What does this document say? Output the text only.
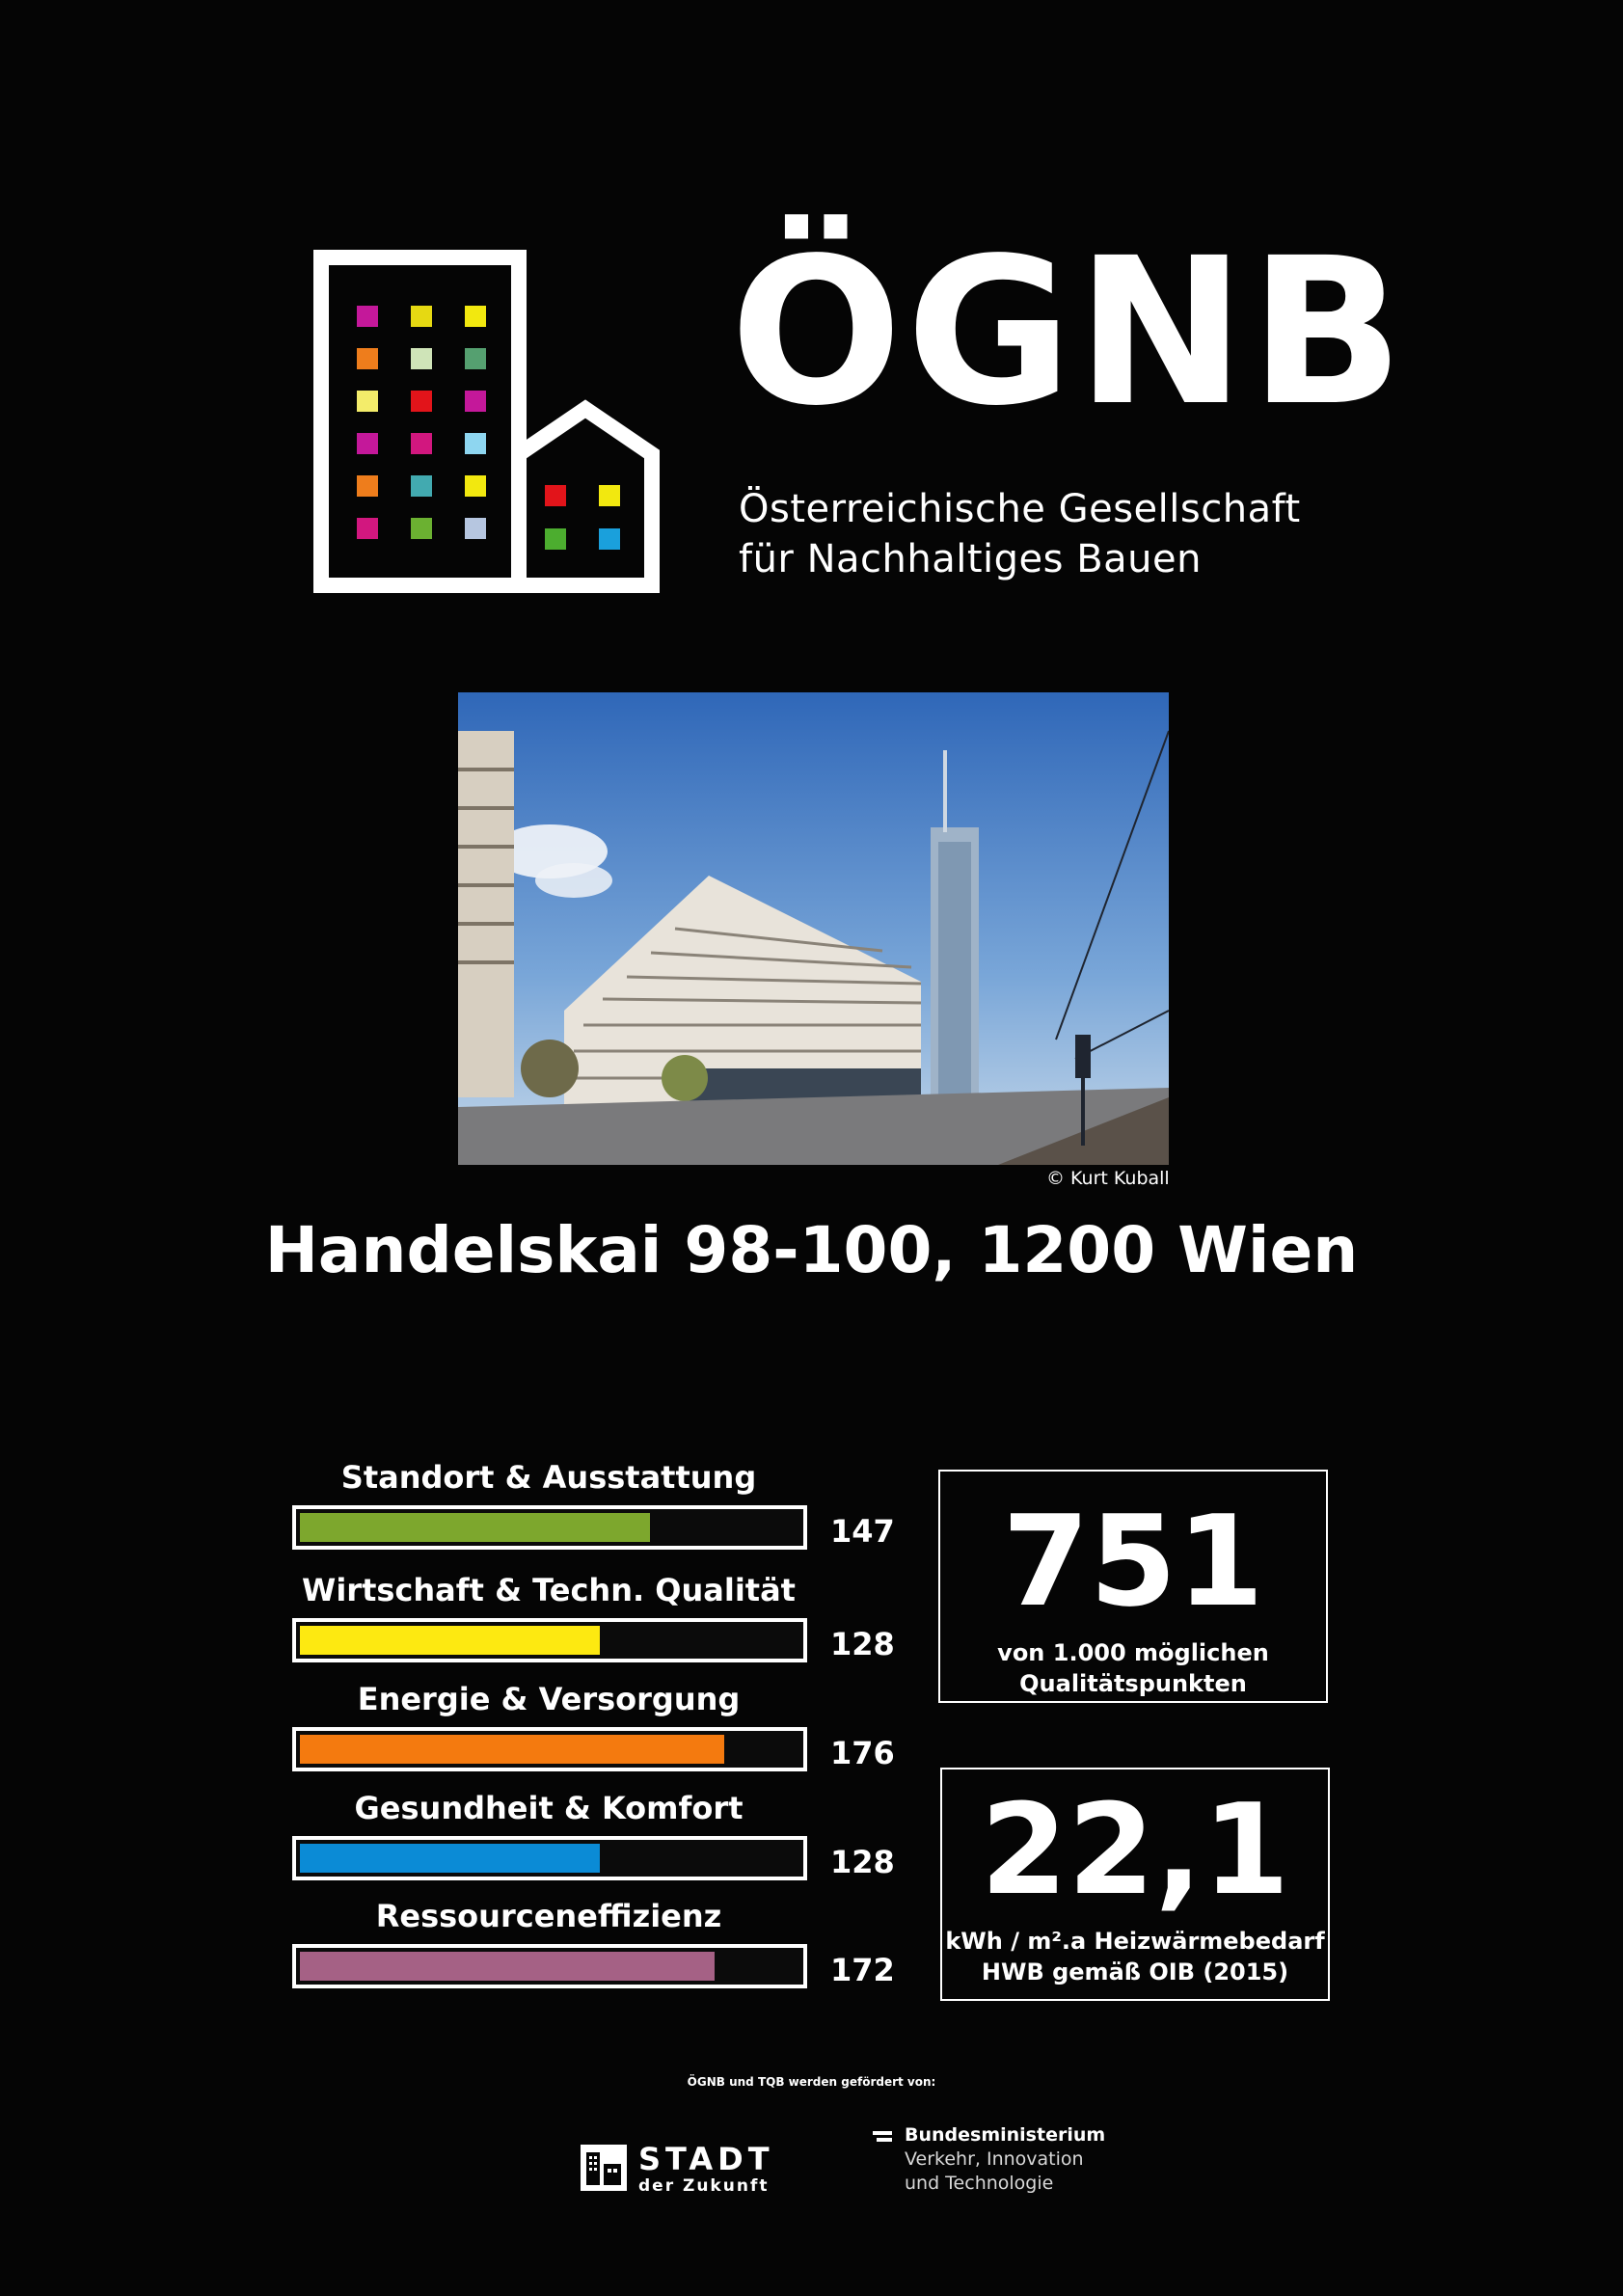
ÖGNB
Österreichische Gesellschaft
für Nachhaltiges Bauen
© Kurt Kuball
Handelskai 98-100, 1200 Wien
Standort & Ausstattung
147
Wirtschaft & Techn. Qualität
128
Energie & Versorgung
176
Gesundheit & Komfort
128
Ressourceneffizienz
172
751
von 1.000 möglichen
Qualitätspunkten
22,1
kWh / m².a Heizwärmebedarf
HWB gemäß OIB (2015)
ÖGNB und TQB werden gefördert von:
STADT
der Zukunft
Bundesministerium
Verkehr, Innovation
und Technologie
